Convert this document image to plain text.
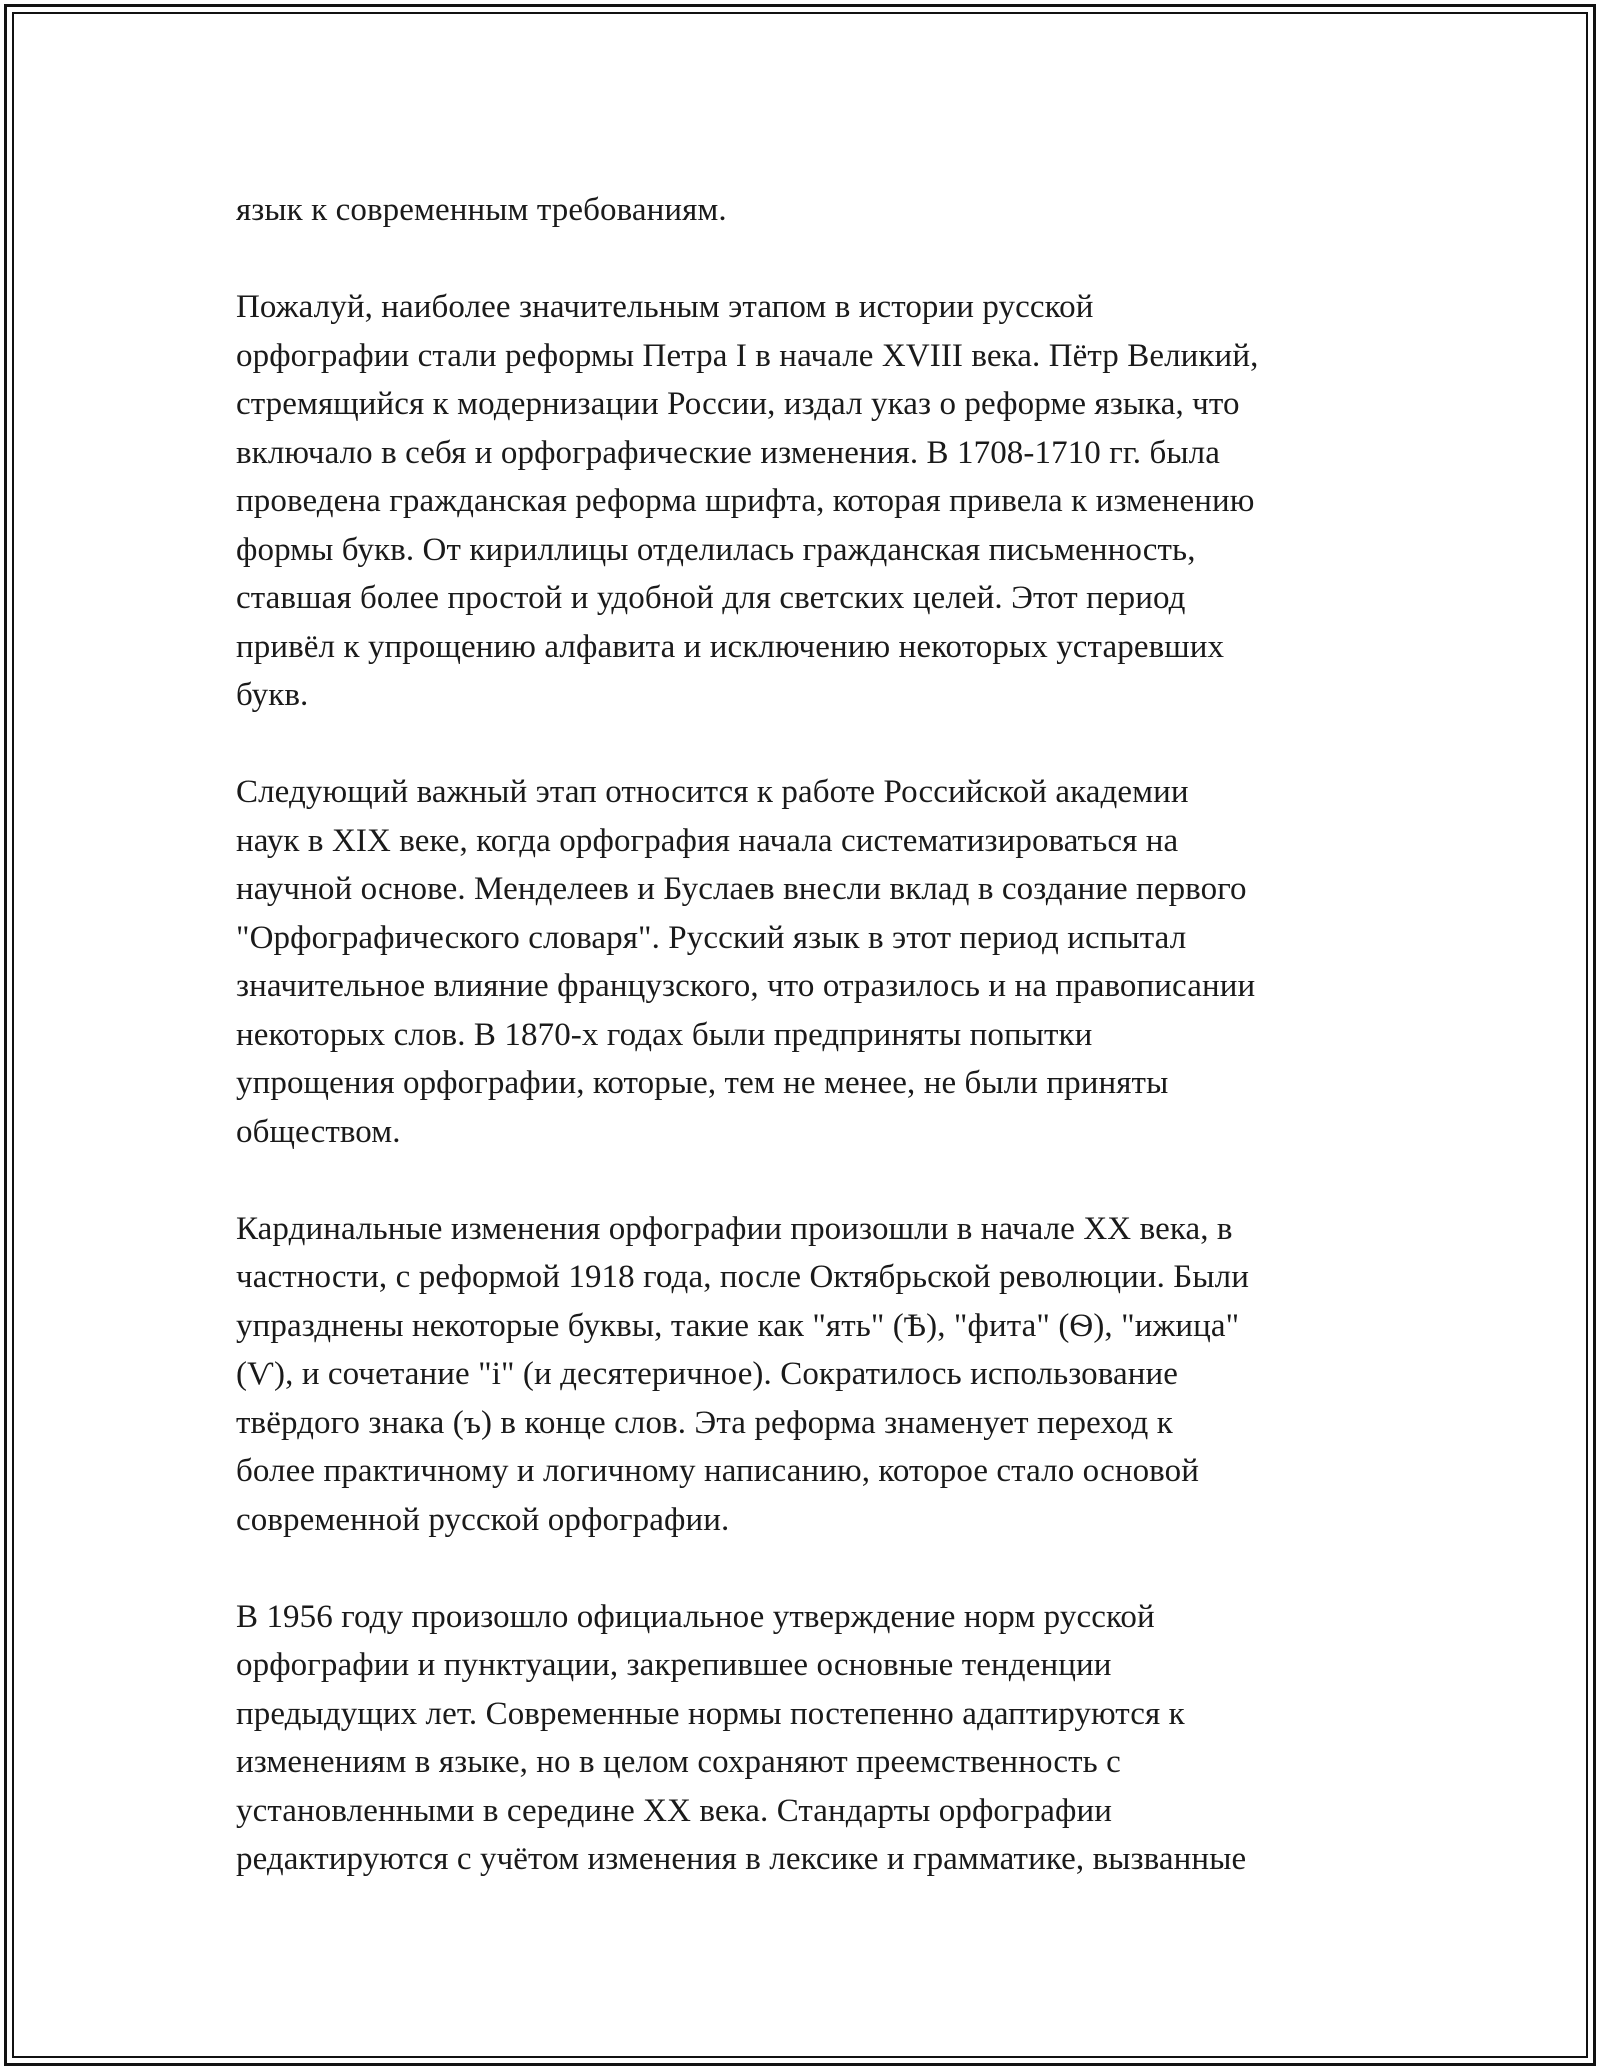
язык к современным требованиям.
Пожалуй, наиболее значительным этапом в истории русской
орфографии стали реформы Петра I в начале XVIII века. Пётр Великий,
стремящийся к модернизации России, издал указ о реформе языка, что
включало в себя и орфографические изменения. В 1708-1710 гг. была
проведена гражданская реформа шрифта, которая привела к изменению
формы букв. От кириллицы отделилась гражданская письменность,
ставшая более простой и удобной для светских целей. Этот период
привёл к упрощению алфавита и исключению некоторых устаревших
букв.
Следующий важный этап относится к работе Российской академии
наук в XIX веке, когда орфография начала систематизироваться на
научной основе. Менделеев и Буслаев внесли вклад в создание первого
"Орфографического словаря". Русский язык в этот период испытал
значительное влияние французского, что отразилось и на правописании
некоторых слов. В 1870-х годах были предприняты попытки
упрощения орфографии, которые, тем не менее, не были приняты
обществом.
Кардинальные изменения орфографии произошли в начале XX века, в
частности, с реформой 1918 года, после Октябрьской революции. Были
упразднены некоторые буквы, такие как "ять" (Ѣ), "фита" (Ѳ), "ижица"
(Ѵ), и сочетание "i" (и десятеричное). Сократилось использование
твёрдого знака (ъ) в конце слов. Эта реформа знаменует переход к
более практичному и логичному написанию, которое стало основой
современной русской орфографии.
В 1956 году произошло официальное утверждение норм русской
орфографии и пунктуации, закрепившее основные тенденции
предыдущих лет. Современные нормы постепенно адаптируются к
изменениям в языке, но в целом сохраняют преемственность с
установленными в середине XX века. Стандарты орфографии
редактируются с учётом изменения в лексике и грамматике, вызванные
